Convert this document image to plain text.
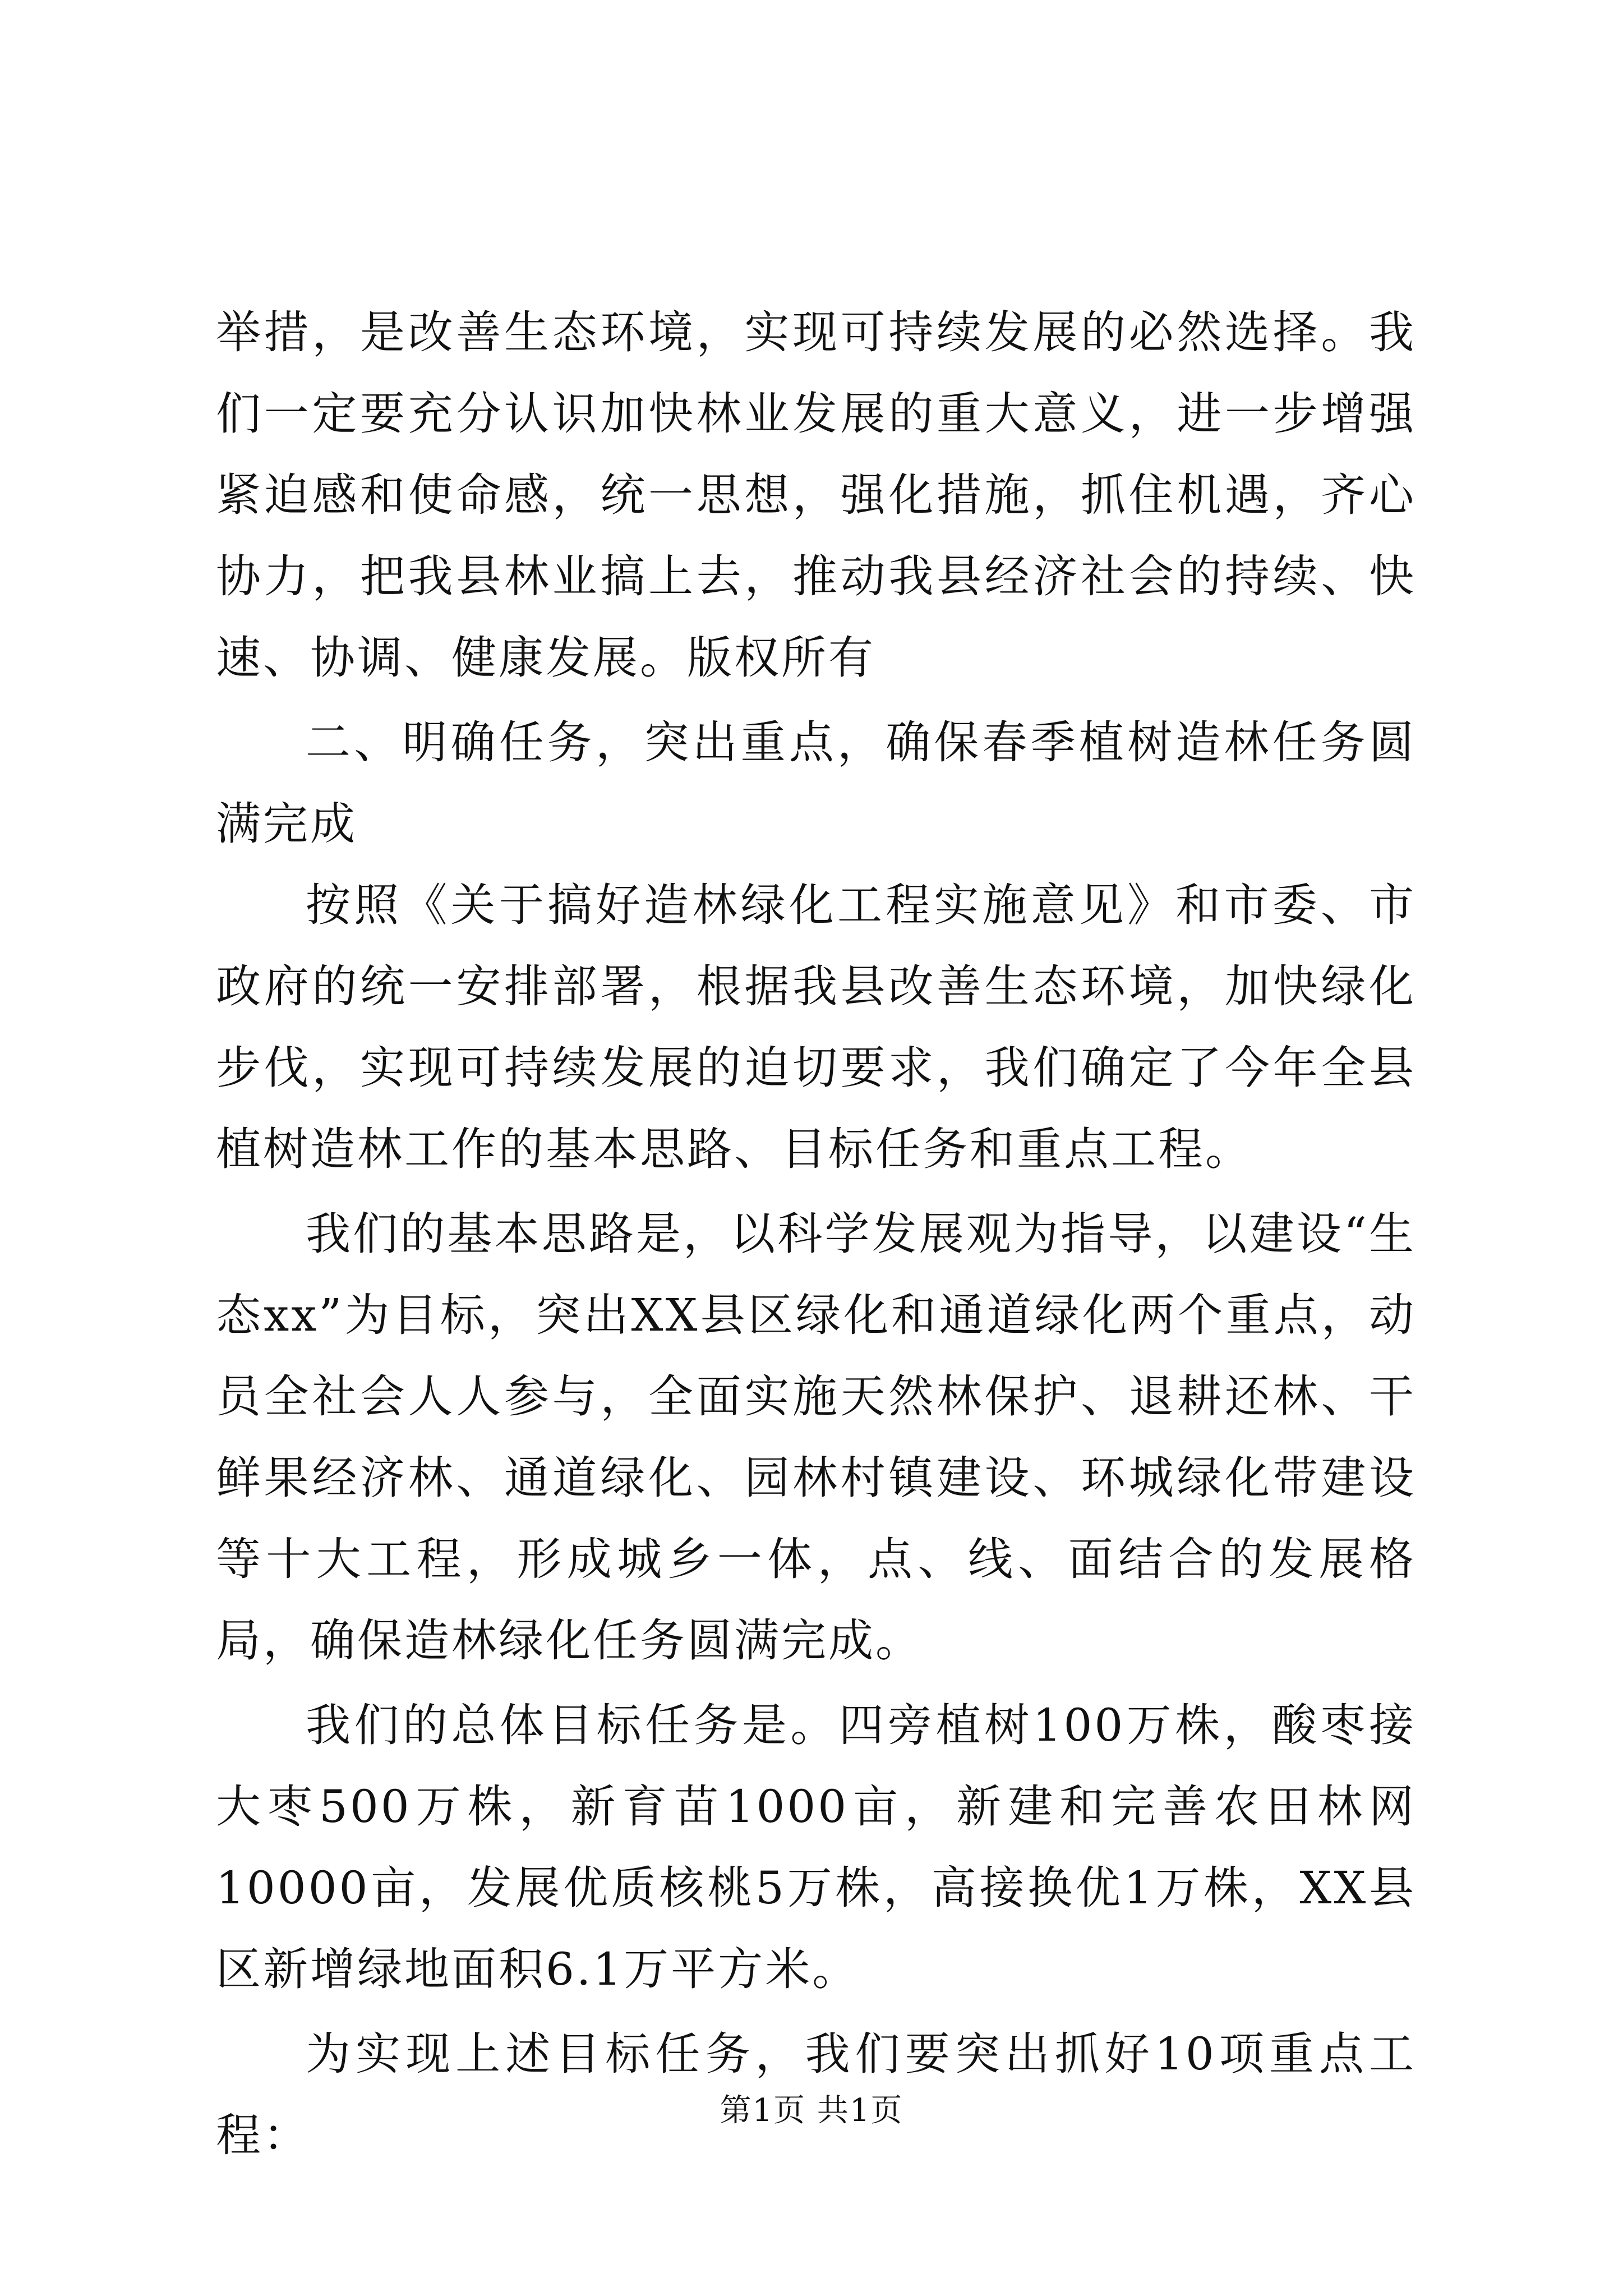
举措，是改善生态环境，实现可持续发展的必然选择。我们一定要充分认识加快林业发展的重大意义，进一步增强紧迫感和使命感，统一思想，强化措施，抓住机遇，齐心协力，把我县林业搞上去，推动我县经济社会的持续、快速、协调、健康发展。版权所有

二、明确任务，突出重点，确保春季植树造林任务圆满完成

按照《关于搞好造林绿化工程实施意见》和市委、市政府的统一安排部署，根据我县改善生态环境，加快绿化步伐，实现可持续发展的迫切要求，我们确定了今年全县植树造林工作的基本思路、目标任务和重点工程。

我们的基本思路是，以科学发展观为指导，以建设“生态xx”为目标，突出XX县区绿化和通道绿化两个重点，动员全社会人人参与，全面实施天然林保护、退耕还林、干鲜果经济林、通道绿化、园林村镇建设、环城绿化带建设等十大工程，形成城乡一体，点、线、面结合的发展格局，确保造林绿化任务圆满完成。

我们的总体目标任务是。四旁植树100万株，酸枣接大枣500万株，新育苗1000亩，新建和完善农田林网10000亩，发展优质核桃5万株，高接换优1万株，XX县区新增绿地面积6.1万平方米。

为实现上述目标任务，我们要突出抓好10项重点工程：	第1页 共1页
